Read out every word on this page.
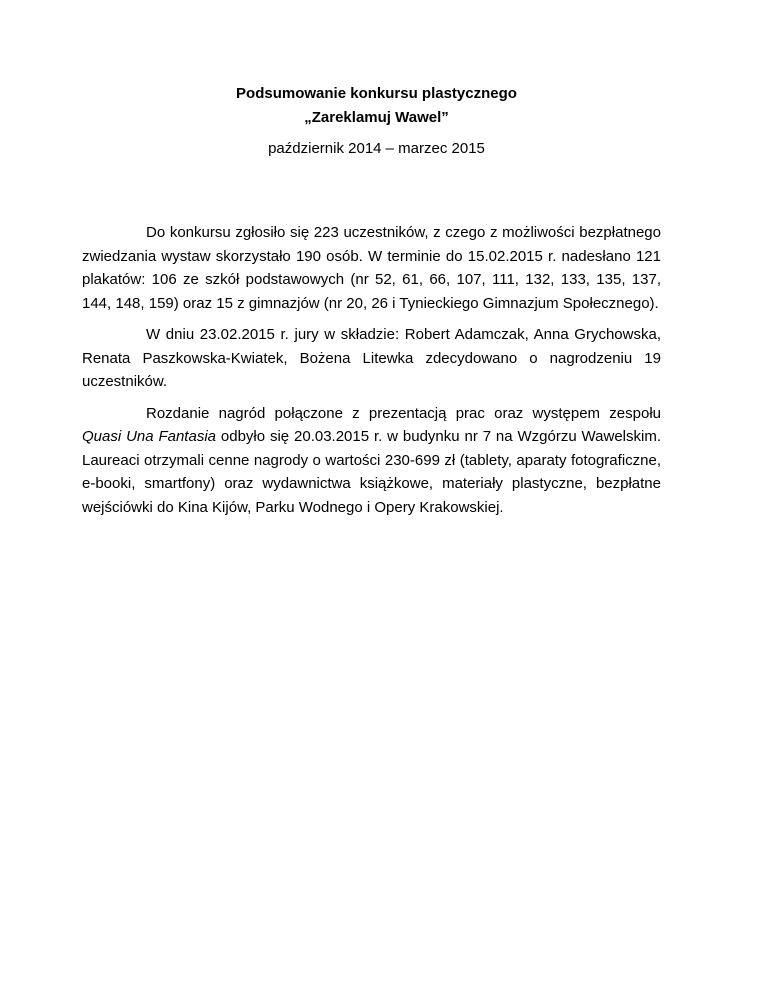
Podsumowanie konkursu plastycznego
„Zareklamuj Wawel”
październik 2014 – marzec 2015

Do konkursu zgłosiło się 223 uczestników, z czego z możliwości bezpłatnego zwiedzania wystaw skorzystało 190 osób. W terminie do 15.02.2015 r. nadesłano 121 plakatów: 106 ze szkół podstawowych (nr 52, 61, 66, 107, 111, 132, 133, 135, 137, 144, 148, 159) oraz 15 z gimnazjów (nr 20, 26 i Tynieckiego Gimnazjum Społecznego).

W dniu 23.02.2015 r. jury w składzie: Robert Adamczak, Anna Grychowska, Renata Paszkowska-Kwiatek, Bożena Litewka zdecydowano o nagrodzeniu 19 uczestników.

Rozdanie nagród połączone z prezentacją prac oraz występem zespołu Quasi Una Fantasia odbyło się 20.03.2015 r. w budynku nr 7 na Wzgórzu Wawelskim. Laureaci otrzymali cenne nagrody o wartości 230-699 zł (tablety, aparaty fotograficzne, e-booki, smartfony) oraz wydawnictwa książkowe, materiały plastyczne, bezpłatne wejściówki do Kina Kijów, Parku Wodnego i Opery Krakowskiej.
